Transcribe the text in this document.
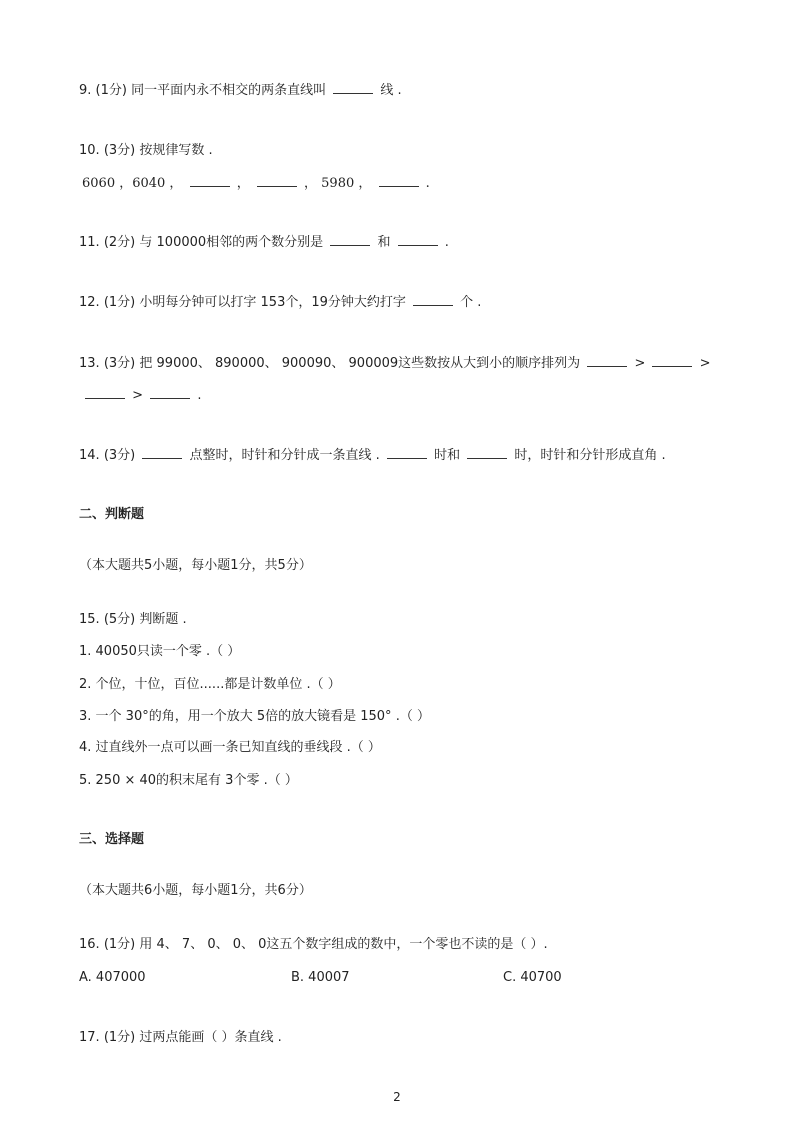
9. (1分) 同一平面内永不相交的两条直线叫	线 .
10. (3分) 按规律写数 .
6060 ，6040 ，	，	， 5980 ，	.
11. (2分) 与 100000相邻的两个数分别是	和	.
12. (1分) 小明每分钟可以打字 153个，19分钟大约打字	个 .
13. (3分) 把 99000、 890000、 900090、 900009这些数按从大到小的顺序排列为	>	>
>	.
14. (3分)	点整时，时针和分针成一条直线 .	时和	时，时针和分针形成直角 .
二、判断题
（本大题共5小题，每小题1分，共5分）
15. (5分) 判断题 .
1. 40050只读一个零 .（ ）
2. 个位，十位，百位......都是计数单位 .（ ）
3. 一个 30°的角，用一个放大 5倍的放大镜看是 150° .（ ）
4. 过直线外一点可以画一条已知直线的垂线段 .（ ）
5. 250 × 40的积末尾有 3个零 .（ ）
三、选择题
（本大题共6小题，每小题1分，共6分）
16. (1分) 用 4、 7、 0、 0、 0这五个数字组成的数中，一个零也不读的是（ ）.
A. 407000	B. 40007	C. 40700
17. (1分) 过两点能画（ ）条直线 .
2
